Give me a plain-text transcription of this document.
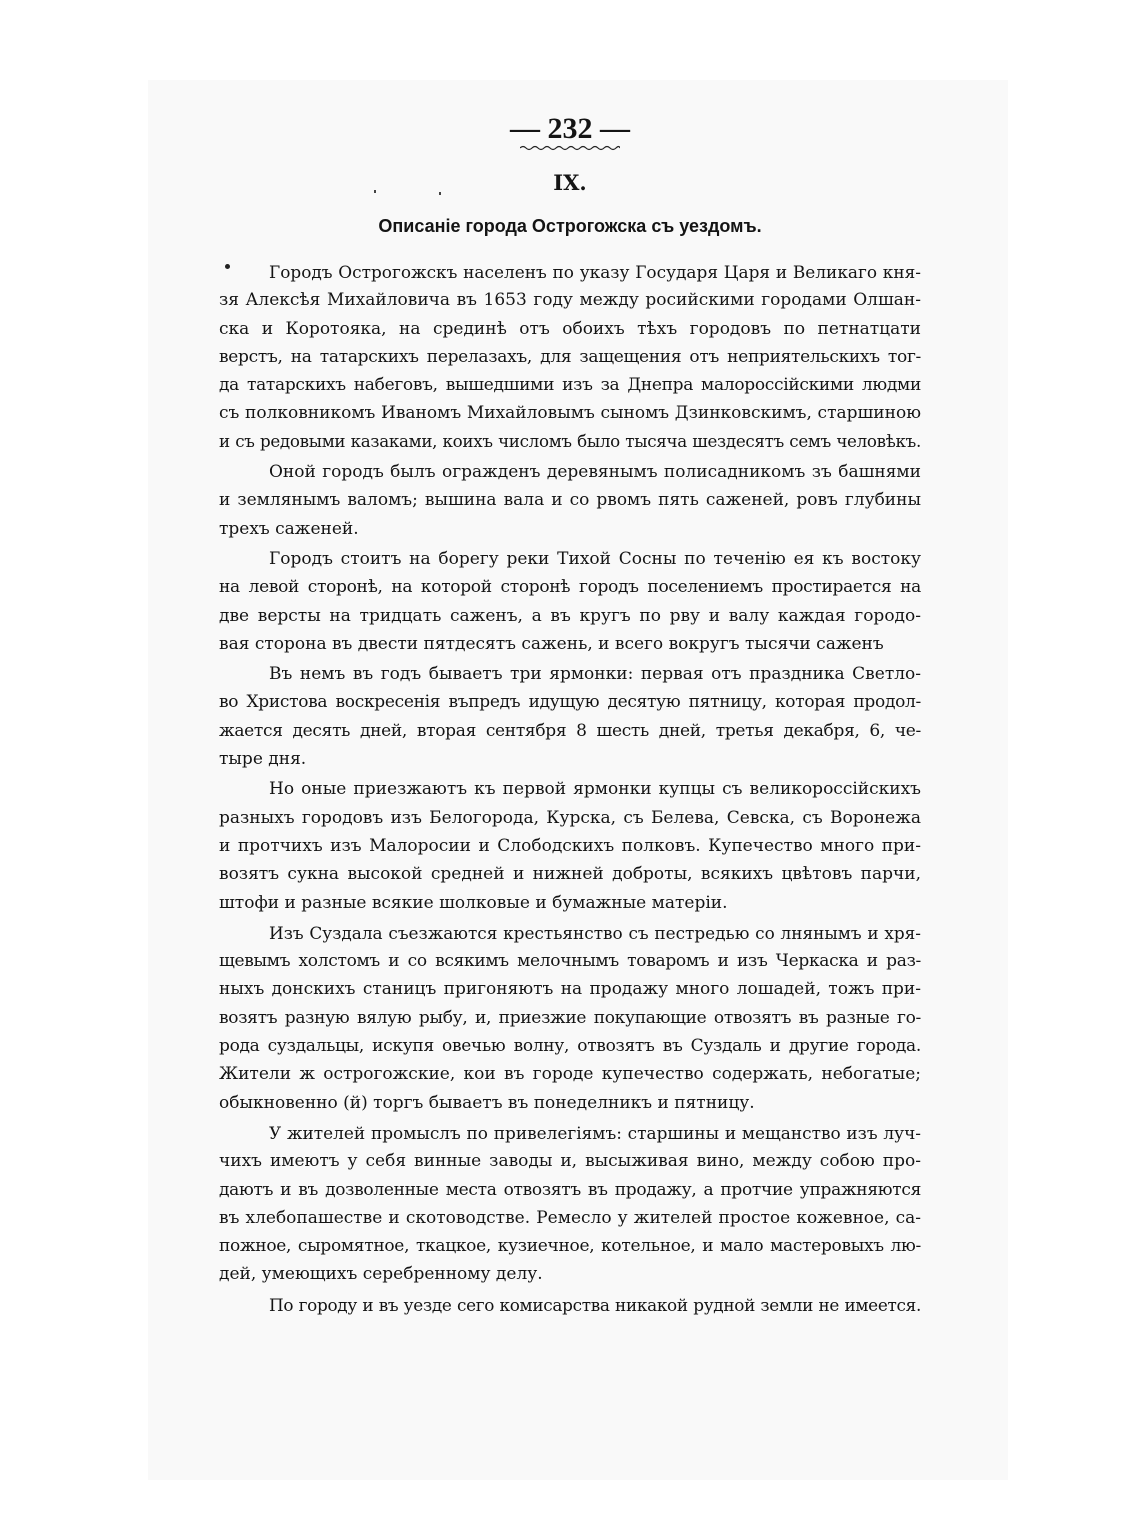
— 232 —
IX.
Описаніе города Острогожска съ уездомъ.
Городъ Острогожскъ населенъ по указу Государя Царя и Великаго кня-
зя Алексѣя Михайловича въ 1653 году между росийскими городами Олшан-
ска и Коротояка, на срединѣ отъ обоихъ тѣхъ городовъ по петнатцати
верстъ, на татарскихъ перелазахъ, для защещения отъ неприятельскихъ тог-
да татарскихъ набеговъ, вышедшими изъ за Днепра малороссійскими людми
съ полковникомъ Иваномъ Михайловымъ сыномъ Дзинковскимъ, старшиною
и съ редовыми казаками, коихъ числомъ было тысяча шездесятъ семъ человѣкъ.
Оной городъ былъ огражденъ деревянымъ полисадникомъ зъ башнями
и землянымъ валомъ; вышина вала и со рвомъ пять саженей, ровъ глубины
трехъ саженей.
Городъ стоитъ на борегу реки Тихой Сосны по теченію ея къ востоку
на левой сторонѣ, на которой сторонѣ городъ поселениемъ простирается на
две версты на тридцать саженъ, а въ кругъ по рву и валу каждая городо-
вая сторона въ двести пятдесятъ сажень, и всего вокругъ тысячи саженъ
Въ немъ въ годъ бываетъ три ярмонки: первая отъ праздника Светло-
во Христова воскресенія въпредъ идущую десятую пятницу, которая продол-
жается десять дней, вторая сентября 8 шесть дней, третья декабря, 6, че-
тыре дня.
Но оные приезжаютъ къ первой ярмонки купцы съ великороссійскихъ
разныхъ городовъ изъ Белогорода, Курска, съ Белева, Севска, съ Воронежа
и протчихъ изъ Малоросии и Слободскихъ полковъ. Купечество много при-
возятъ сукна высокой средней и нижней доброты, всякихъ цвѣтовъ парчи,
штофи и разные всякие шолковые и бумажные матеріи.
Изъ Суздала съезжаются крестьянство съ пестредью со лнянымъ и хря-
щевымъ холстомъ и со всякимъ мелочнымъ товаромъ и изъ Черкаска и раз-
ныхъ донскихъ станицъ пригоняютъ на продажу много лошадей, тожъ при-
возятъ разную вялую рыбу, и, приезжие покупающие отвозятъ въ разные го-
рода суздальцы, искупя овечью волну, отвозятъ въ Суздаль и другие города.
Жители ж острогожские, кои въ городе купечество содержать, небогатые;
обыкновенно (й) торгъ бываетъ въ понеделникъ и пятницу.
У жителей промыслъ по привелегіямъ: старшины и мещанство изъ луч-
чихъ имеютъ у себя винные заводы и, высыживая вино, между собою про-
даютъ и въ дозволенные места отвозятъ въ продажу, а протчие упражняются
въ хлебопашестве и скотоводстве. Ремесло у жителей простое кожевное, са-
пожное, сыромятное, ткацкое, кузиечное, котельное, и мало мастеровыхъ лю-
дей, умеющихъ серебренному делу.
По городу и въ уезде сего комисарства никакой рудной земли не имеется.
